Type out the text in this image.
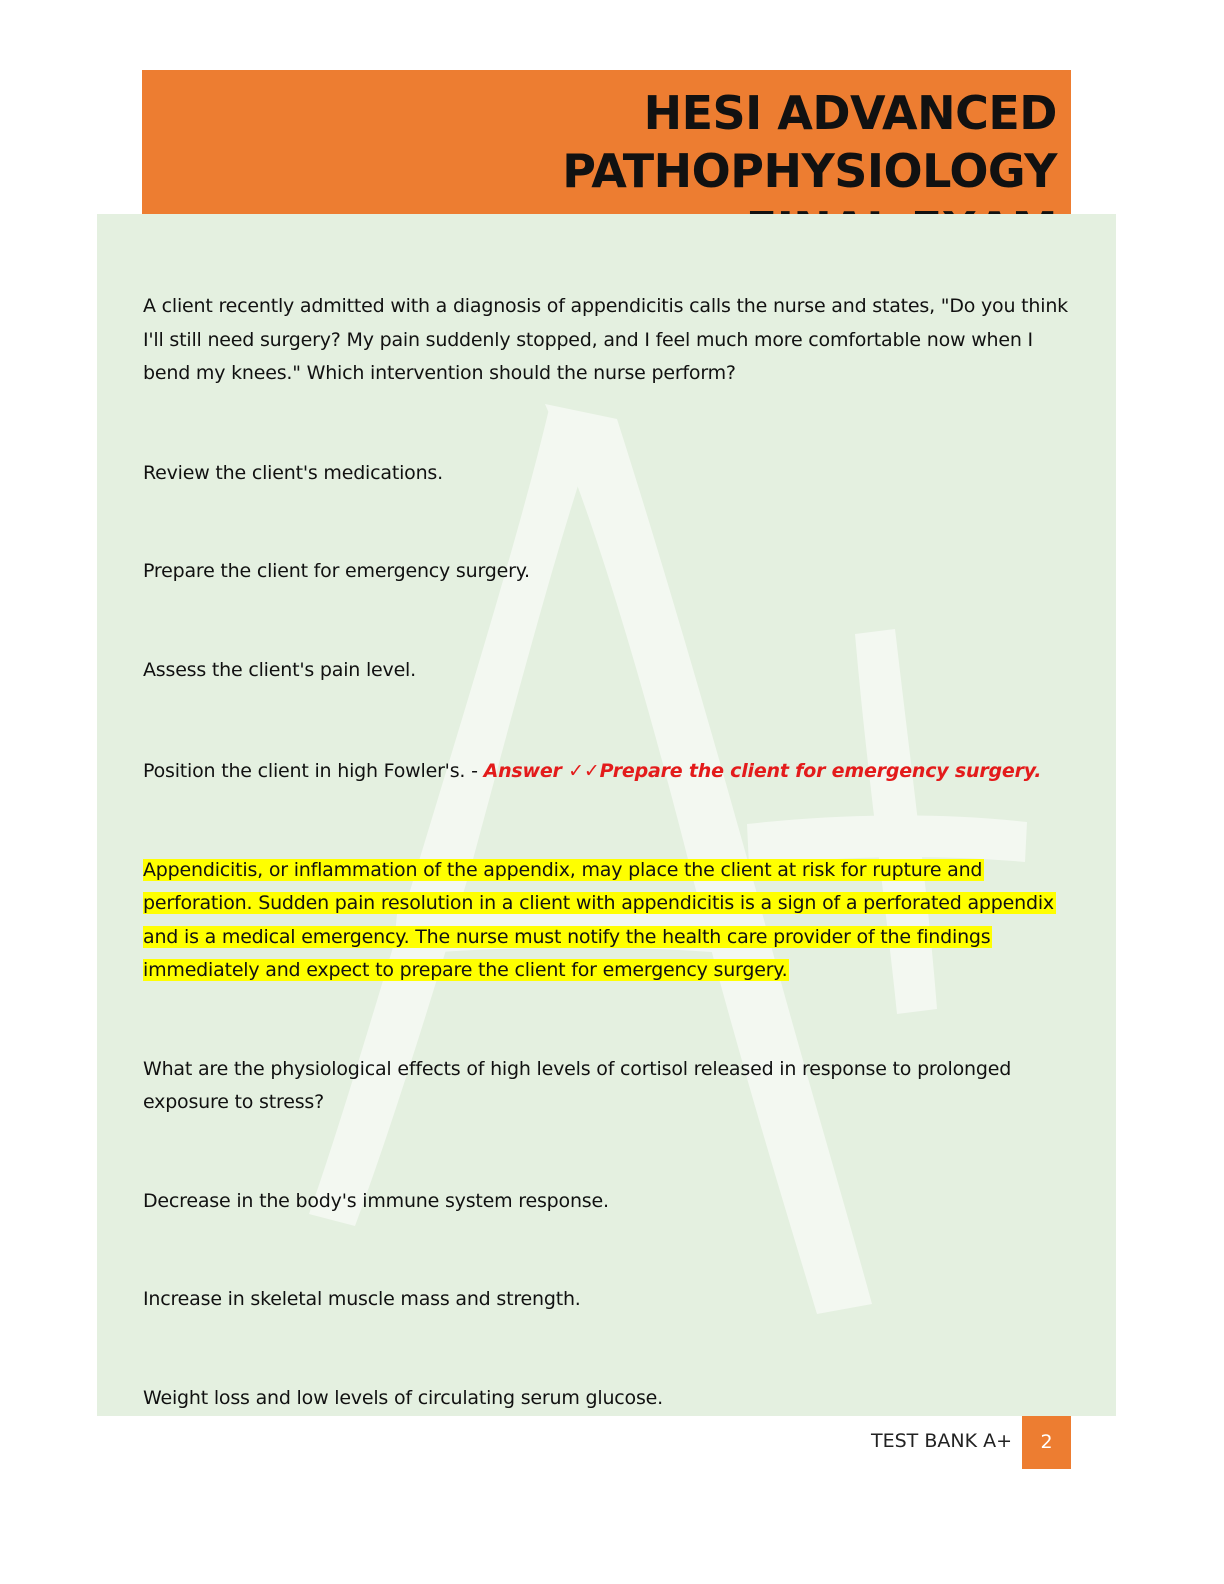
HESI ADVANCED PATHOPHYSIOLOGY

A client recently admitted with a diagnosis of appendicitis calls the nurse and states, "Do you think I'll still need surgery? My pain suddenly stopped, and I feel much more comfortable now when I bend my knees." Which intervention should the nurse perform?

Review the client's medications.

Prepare the client for emergency surgery.

Assess the client's pain level.

Position the client in high Fowler's. - Answer ✓✓Prepare the client for emergency surgery.

Appendicitis, or inflammation of the appendix, may place the client at risk for rupture and perforation. Sudden pain resolution in a client with appendicitis is a sign of a perforated appendix and is a medical emergency. The nurse must notify the health care provider of the findings immediately and expect to prepare the client for emergency surgery.

What are the physiological effects of high levels of cortisol released in response to prolonged exposure to stress?

Decrease in the body's immune system response.

Increase in skeletal muscle mass and strength.

Weight loss and low levels of circulating serum glucose.

TEST BANK A+	2
